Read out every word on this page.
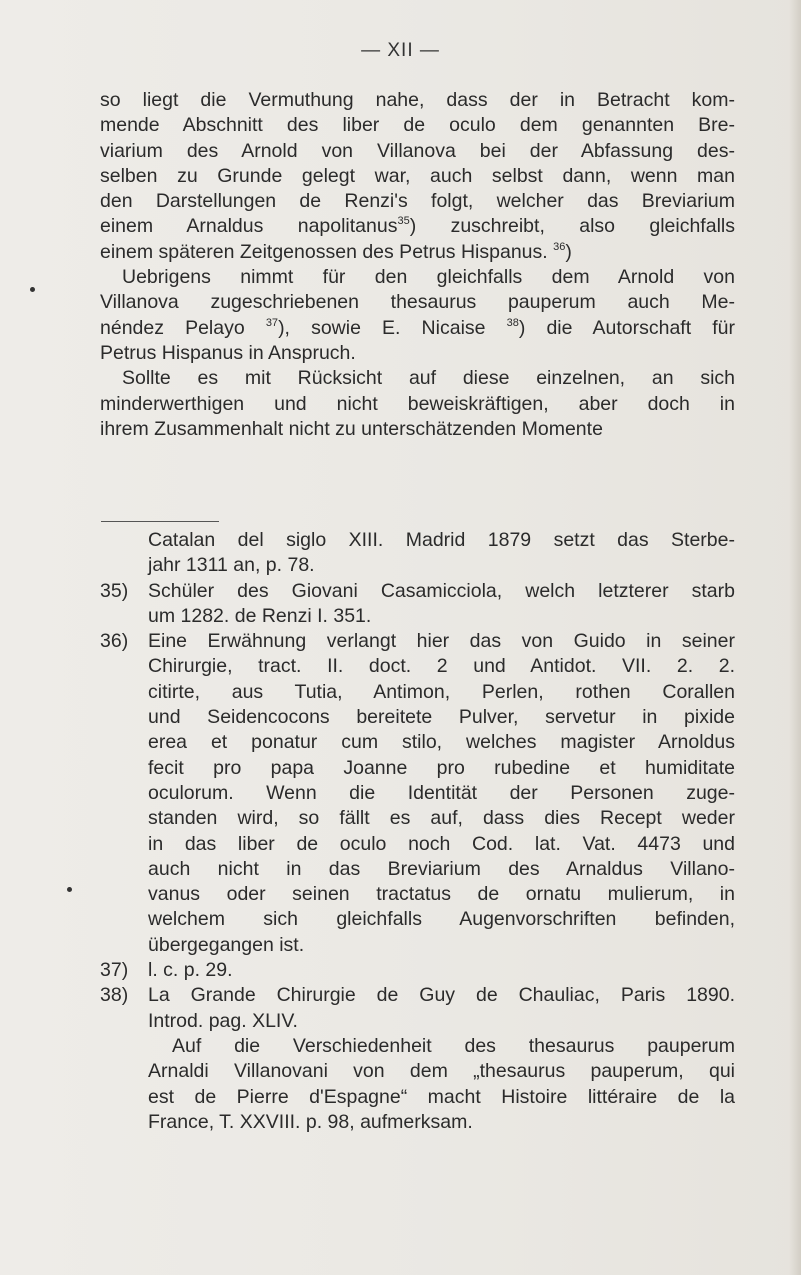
— XII —
so liegt die Vermuthung nahe, dass der in Betracht kom-
mende Abschnitt des liber de oculo dem genannten Bre-
viarium des Arnold von Villanova bei der Abfassung des-
selben zu Grunde gelegt war, auch selbst dann, wenn man
den Darstellungen de Renzi's folgt, welcher das Breviarium
einem Arnaldus napolitanus$^{35}$) zuschreibt, also gleichfalls
einem späteren Zeitgenossen des Petrus Hispanus. $^{36}$)
Uebrigens nimmt für den gleichfalls dem Arnold von
Villanova zugeschriebenen thesaurus pauperum auch Me-
néndez Pelayo $^{37}$), sowie E. Nicaise $^{38}$) die Autorschaft für
Petrus Hispanus in Anspruch.
Sollte es mit Rücksicht auf diese einzelnen, an sich
minderwerthigen und nicht beweiskräftigen, aber doch in
ihrem Zusammenhalt nicht zu unterschätzenden Momente
Catalan del siglo XIII. Madrid 1879 setzt das Sterbe-
jahr 1311 an, p. 78.
35) Schüler des Giovani Casamicciola, welch letzterer starb
um 1282. de Renzi I. 351.
36) Eine Erwähnung verlangt hier das von Guido in seiner
Chirurgie, tract. II. doct. 2 und Antidot. VII. 2. 2.
citirte, aus Tutia, Antimon, Perlen, rothen Corallen
und Seidencocons bereitete Pulver, servetur in pixide
erea et ponatur cum stilo, welches magister Arnoldus
fecit pro papa Joanne pro rubedine et humiditate
oculorum. Wenn die Identität der Personen zuge-
standen wird, so fällt es auf, dass dies Recept weder
in das liber de oculo noch Cod. lat. Vat. 4473 und
auch nicht in das Breviarium des Arnaldus Villano-
vanus oder seinen tractatus de ornatu mulierum, in
welchem sich gleichfalls Augenvorschriften befinden,
übergegangen ist.
37) l. c. p. 29.
38) La Grande Chirurgie de Guy de Chauliac, Paris 1890.
Introd. pag. XLIV.
Auf die Verschiedenheit des thesaurus pauperum
Arnaldi Villanovani von dem „thesaurus pauperum, qui
est de Pierre d'Espagne“ macht Histoire littéraire de la
France, T. XXVIII. p. 98, aufmerksam.
